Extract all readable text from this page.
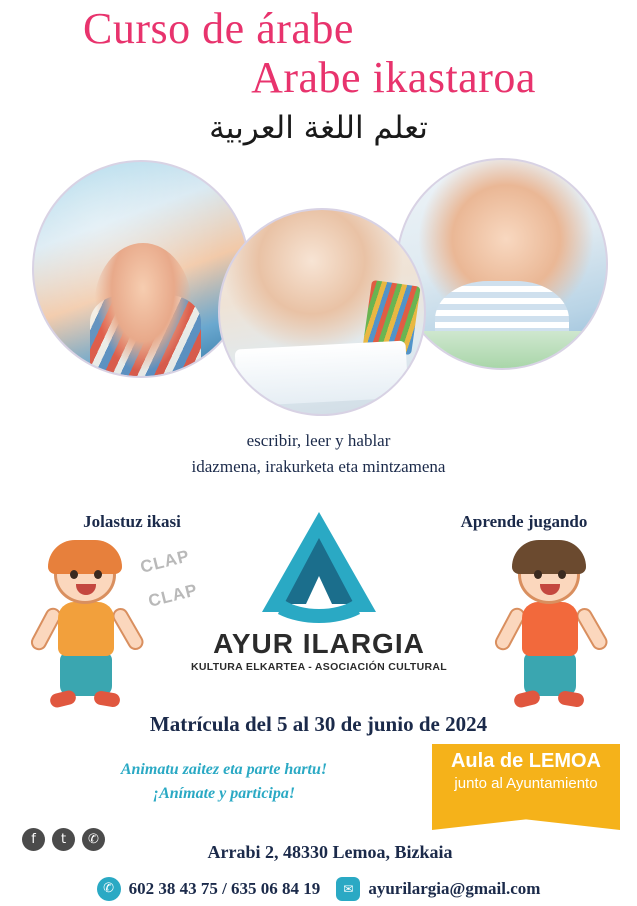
Curso de árabe
Arabe ikastaroa
تعلم اللغة العربية
escribir, leer y hablar
idazmena, irakurketa eta mintzamena
Jolastuz ikasi	Aprende jugando
CLAP
CLAP
AYUR ILARGIA
KULTURA ELKARTEA - ASOCIACIÓN CULTURAL
Matrícula del 5 al 30 de junio de 2024
Animatu zaitez eta parte hartu!
¡Anímate y participa!
Aula de LEMOA
junto al Ayuntamiento
f	t	✆
Arrabi 2, 48330 Lemoa, Bizkaia
✆ 602 38 43 75 / 635 06 84 19	✉ ayurilargia@gmail.com
